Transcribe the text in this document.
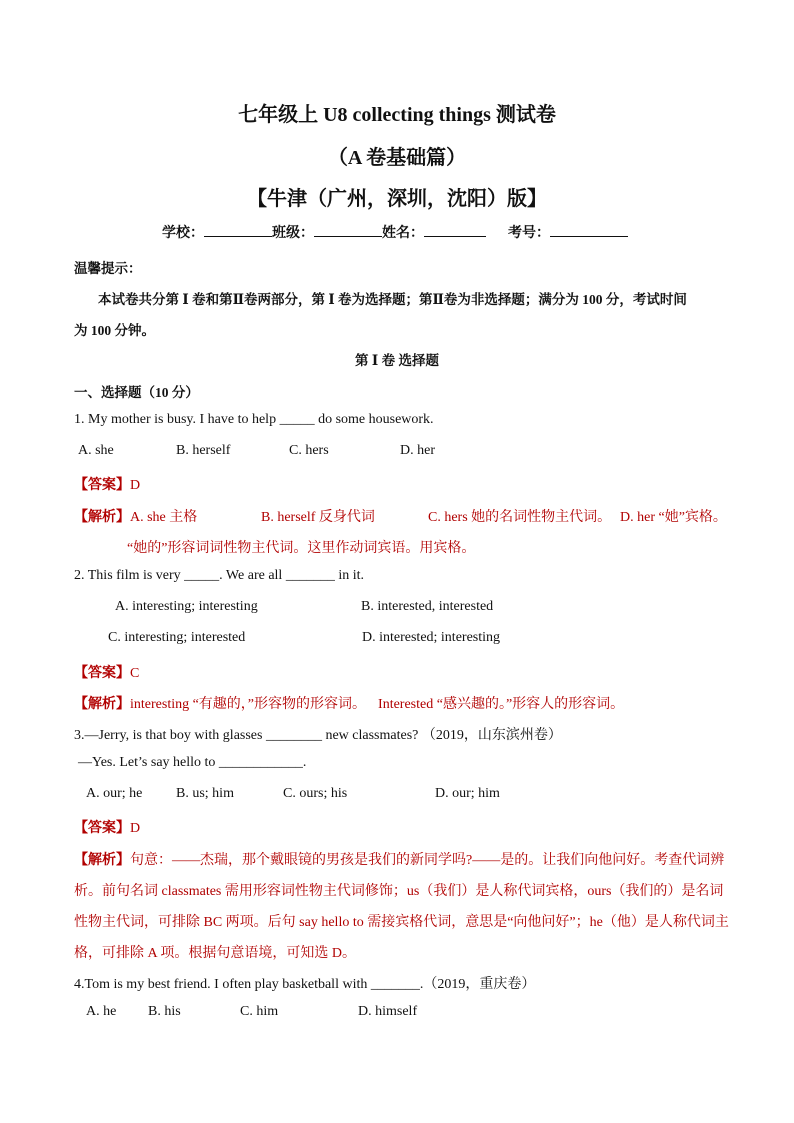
七年级上 U8 collecting things 测试卷
（A 卷基础篇）
【牛津（广州，深圳，沈阳）版】
学校：	班级：	姓名：	考号：
温馨提示：
本试卷共分第 Ⅰ 卷和第Ⅱ卷两部分，第 Ⅰ 卷为选择题；第Ⅱ卷为非选择题；满分为 100 分，考试时间
为 100 分钟。
第 Ⅰ 卷 选择题
一、选择题（10 分）
1. My mother is busy. I have to help _____ do some housework.
A. she	B. herself	C. hers	D. her
【答案】D
【解析】A. she 主格	B. herself 反身代词	C. hers 她的名词性物主代词。 D. her “她”宾格。
“她的”形容词词性物主代词。这里作动词宾语。用宾格。
2. This film is very _____. We are all _______ in it.
A. interesting; interesting	B. interested, interested
C. interesting; interested	D. interested; interesting
【答案】C
【解析】interesting “有趣的，”形容物的形容词。 Interested “感兴趣的。”形容人的形容词。
3.—Jerry, is that boy with glasses ________ new classmates? （2019，山东滨州卷）
—Yes. Let’s say hello to ____________.
A. our; he B. us; him	C. ours; his	D. our; him
【答案】D
【解析】句意：——杰瑞，那个戴眼镜的男孩是我们的新同学吗?——是的。让我们向他问好。考查代词辨
析。前句名词 classmates 需用形容词性物主代词修饰；us（我们）是人称代词宾格，ours（我们的）是名词
性物主代词，可排除 BC 两项。后句 say hello to 需接宾格代词，意思是“向他问好”；he（他）是人称代词主
格，可排除 A 项。根据句意语境，可知选 D。
4.Tom is my best friend. I often play basketball with _______.（2019，重庆卷）
A. he B. his	C. him	D. himself
